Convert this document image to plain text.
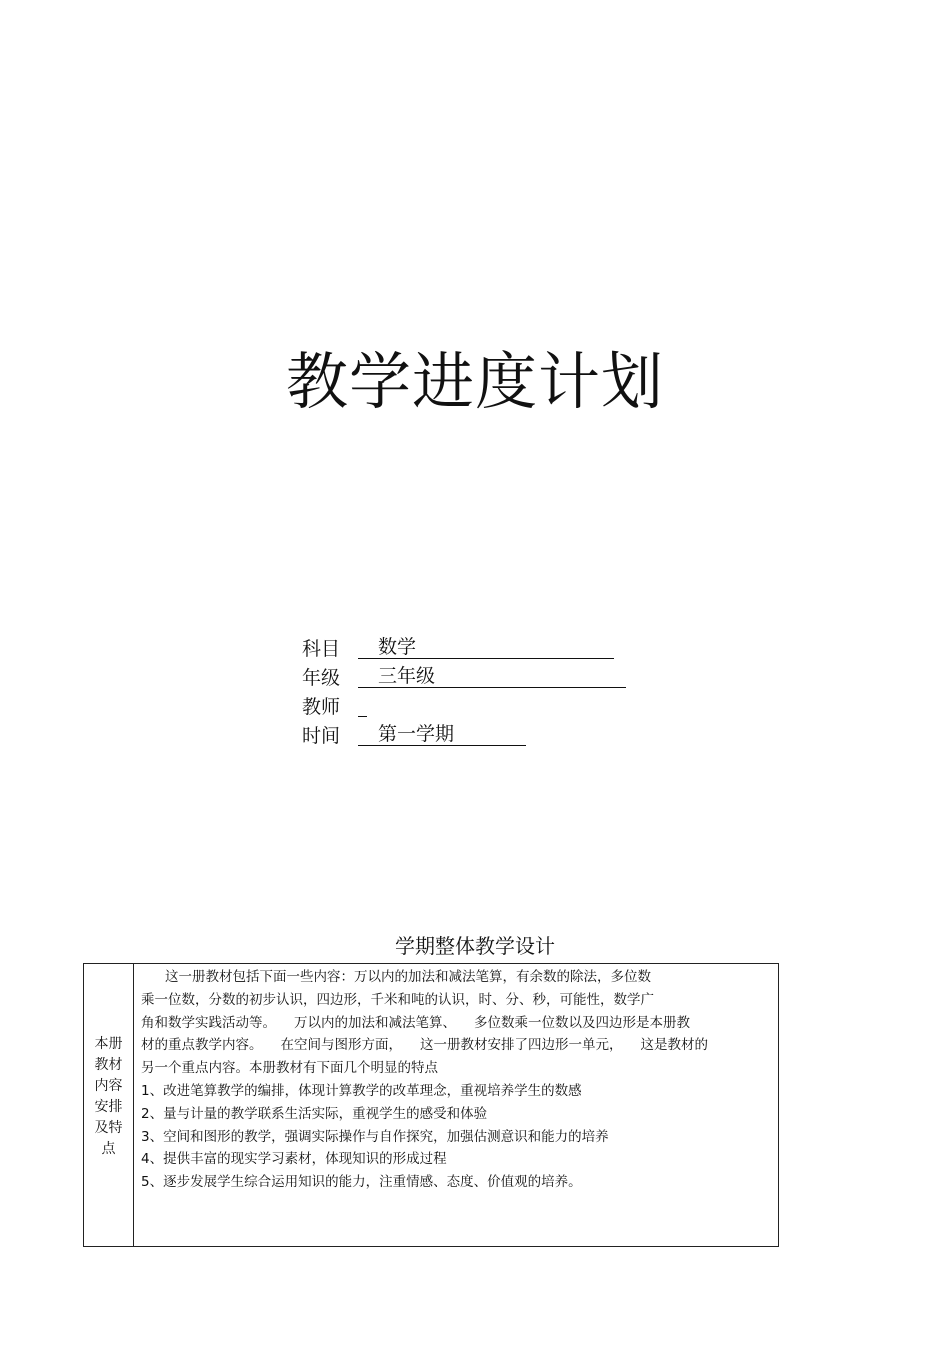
教学进度计划
科目	数学
年级	三年级
教师
时间	第一学期
学期整体教学设计
本册
教材
内容
安排
及特
点

这一册教材包括下面一些内容：万以内的加法和减法笔算，有余数的除法，多位数

乘一位数，分数的初步认识，四边形，千米和吨的认识，时、分、秒，可能性，数学广

角和数学实践活动等。 万以内的加法和减法笔算、 多位数乘一位数以及四边形是本册教

材的重点教学内容。 在空间与图形方面， 这一册教材安排了四边形一单元， 这是教材的

另一个重点内容。本册教材有下面几个明显的特点

1、改进笔算教学的编排，体现计算教学的改革理念，重视培养学生的数感

2、量与计量的教学联系生活实际，重视学生的感受和体验

3、空间和图形的教学，强调实际操作与自作探究，加强估测意识和能力的培养

4、提供丰富的现实学习素材，体现知识的形成过程

5、逐步发展学生综合运用知识的能力，注重情感、态度、价值观的培养。
